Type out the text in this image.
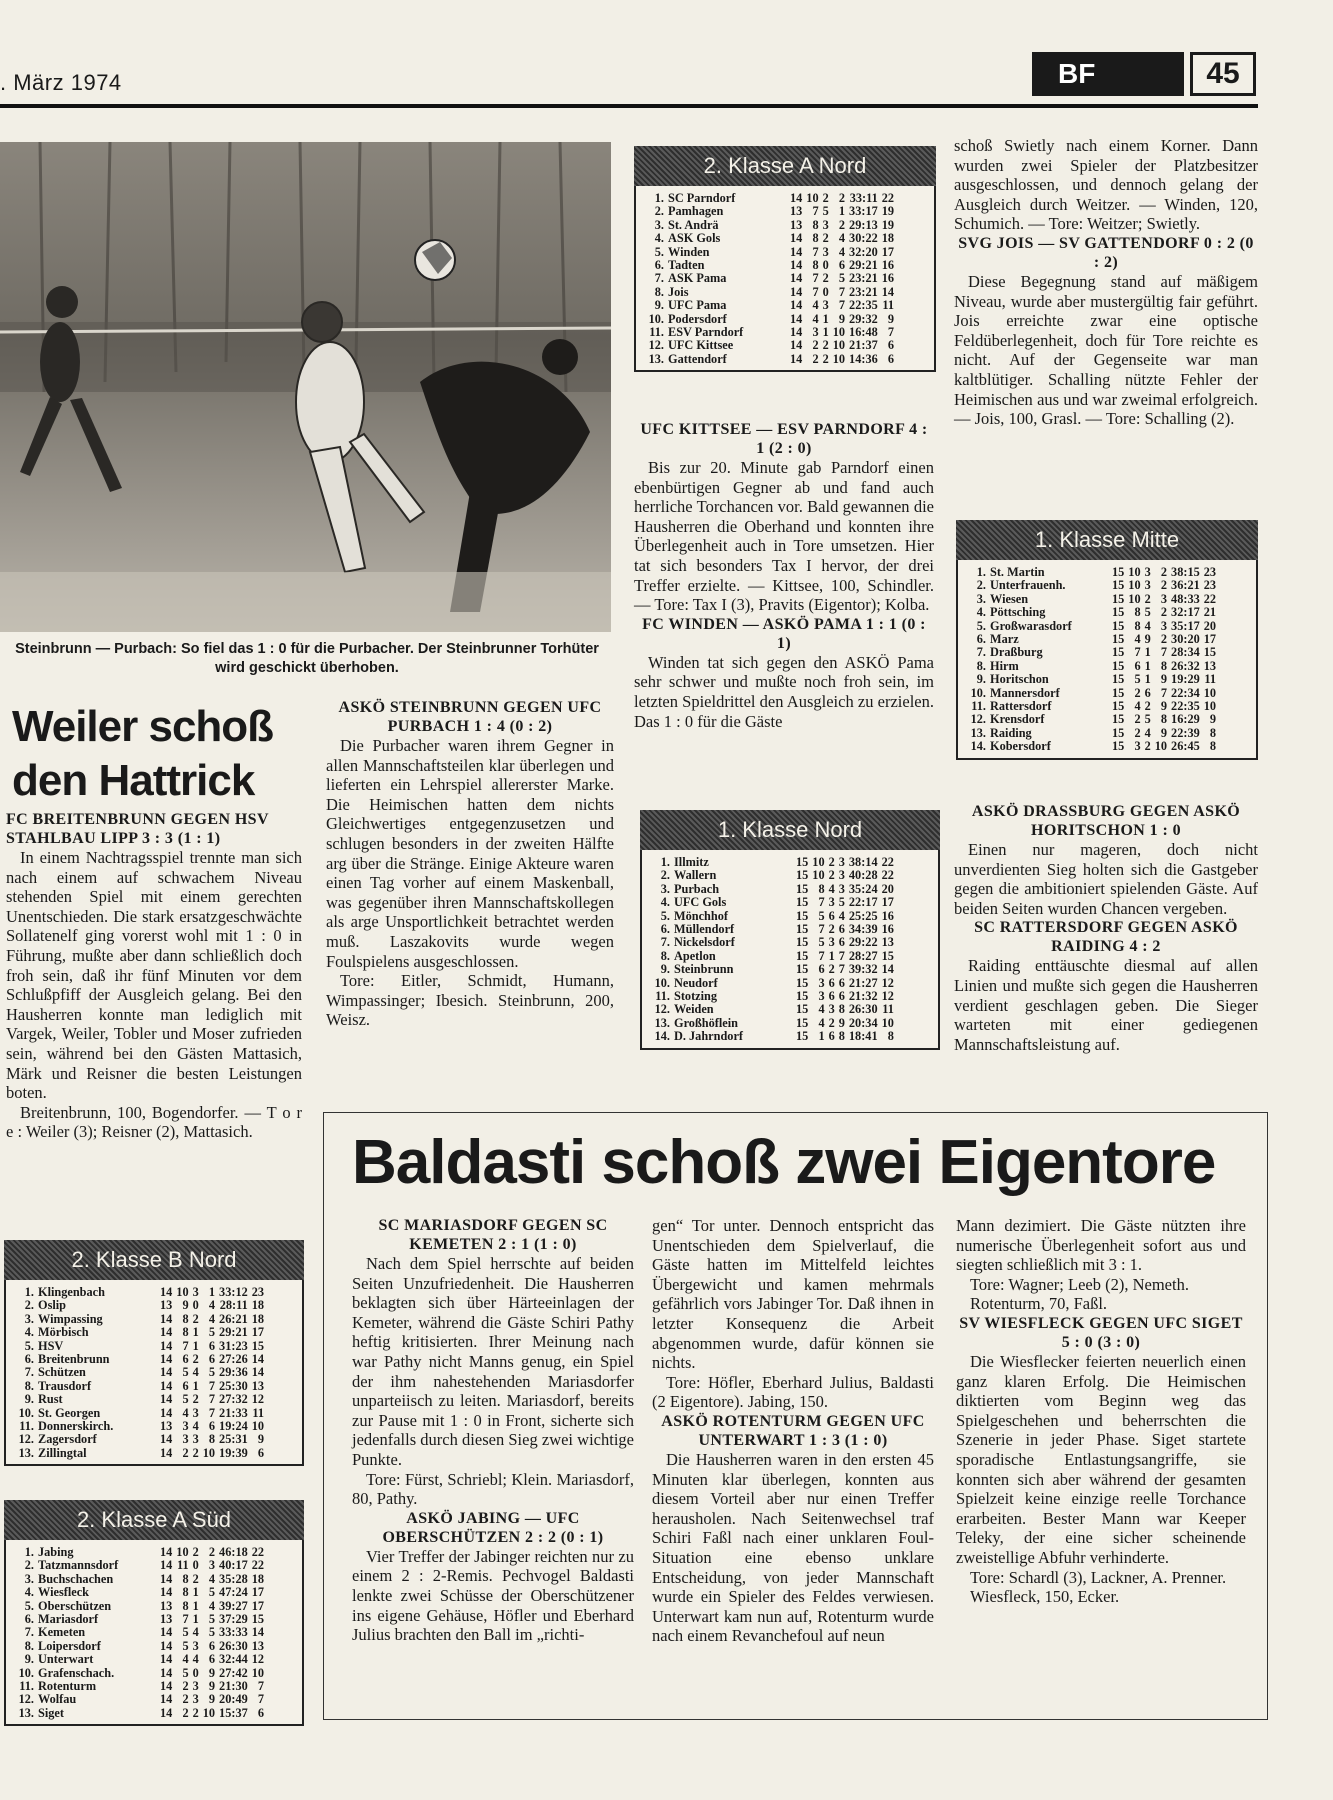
. März 1974	BF	45
Steinbrunn — Purbach: So fiel das 1 : 0 für die Purbacher. Der Steinbrunner Torhüter wird geschickt überhoben.
Weiler schoß den Hattrick

FC BREITENBRUNN GEGEN HSV STAHLBAU LIPP 3 : 3 (1 : 1)

In einem Nachtragsspiel trennte man sich nach einem auf schwachem Niveau stehenden Spiel mit einem gerechten Unentschieden. Die stark ersatzgeschwächte Sollatenelf ging vorerst wohl mit 1 : 0 in Führung, mußte aber dann schließlich doch froh sein, daß ihr fünf Minuten vor dem Schlußpfiff der Ausgleich gelang. Bei den Hausherren konnte man lediglich mit Vargek, Weiler, Tobler und Moser zufrieden sein, während bei den Gästen Mattasich, Märk und Reisner die besten Leistungen boten.

Breitenbrunn, 100, Bogendorfer. — T o r e : Weiler (3); Reisner (2), Mattasich.

ASKÖ STEINBRUNN GEGEN UFC PURBACH 1 : 4 (0 : 2)

Die Purbacher waren ihrem Gegner in allen Mannschaftsteilen klar überlegen und lieferten ein Lehrspiel allererster Marke. Die Heimischen hatten dem nichts Gleichwertiges entgegenzusetzen und schlugen besonders in der zweiten Hälfte arg über die Stränge. Einige Akteure waren einen Tag vorher auf einem Maskenball, was gegenüber ihren Mannschaftskollegen als arge Unsportlichkeit betrachtet werden muß. Laszakovits wurde wegen Foulspielens ausgeschlossen.

Tore: Eitler, Schmidt, Humann, Wimpassinger; Ibesich. Steinbrunn, 200, Weisz.

2. Klasse A Nord
1.	SC Parndorf	14	10	2	2	33:11	22
2.	Pamhagen	13	7	5	1	33:17	19
3.	St. Andrä	13	8	3	2	29:13	19
4.	ASK Gols	14	8	2	4	30:22	18
5.	Winden	14	7	3	4	32:20	17
6.	Tadten	14	8	0	6	29:21	16
7.	ASK Pama	14	7	2	5	23:21	16
8.	Jois	14	7	0	7	23:21	14
9.	UFC Pama	14	4	3	7	22:35	11
10.	Podersdorf	14	4	1	9	29:32	9
11.	ESV Parndorf	14	3	1	10	16:48	7
12.	UFC Kittsee	14	2	2	10	21:37	6
13.	Gattendorf	14	2	2	10	14:36	6

UFC KITTSEE — ESV PARNDORF 4 : 1 (2 : 0)

Bis zur 20. Minute gab Parndorf einen ebenbürtigen Gegner ab und fand auch herrliche Torchancen vor. Bald gewannen die Hausherren die Oberhand und konnten ihre Überlegenheit auch in Tore umsetzen. Hier tat sich besonders Tax I hervor, der drei Treffer erzielte. — Kittsee, 100, Schindler. — Tore: Tax I (3), Pravits (Eigentor); Kolba.

FC WINDEN — ASKÖ PAMA 1 : 1 (0 : 1)

Winden tat sich gegen den ASKÖ Pama sehr schwer und mußte noch froh sein, im letzten Spieldrittel den Ausgleich zu erzielen. Das 1 : 0 für die Gäste

1. Klasse Nord
1.	Illmitz	15	10	2	3	38:14	22
2.	Wallern	15	10	2	3	40:28	22
3.	Purbach	15	8	4	3	35:24	20
4.	UFC Gols	15	7	3	5	22:17	17
5.	Mönchhof	15	5	6	4	25:25	16
6.	Müllendorf	15	7	2	6	34:39	16
7.	Nickelsdorf	15	5	3	6	29:22	13
8.	Apetlon	15	7	1	7	28:27	15
9.	Steinbrunn	15	6	2	7	39:32	14
10.	Neudorf	15	3	6	6	21:27	12
11.	Stotzing	15	3	6	6	21:32	12
12.	Weiden	15	4	3	8	26:30	11
13.	Großhöflein	15	4	2	9	20:34	10
14.	D. Jahrndorf	15	1	6	8	18:41	8

schoß Swietly nach einem Korner. Dann wurden zwei Spieler der Platzbesitzer ausgeschlossen, und dennoch gelang der Ausgleich durch Weitzer. — Winden, 120, Schumich. — Tore: Weitzer; Swietly.

SVG JOIS — SV GATTENDORF 0 : 2 (0 : 2)

Diese Begegnung stand auf mäßigem Niveau, wurde aber mustergültig fair geführt. Jois erreichte zwar eine optische Feldüberlegenheit, doch für Tore reichte es nicht. Auf der Gegenseite war man kaltblütiger. Schalling nützte Fehler der Heimischen aus und war zweimal erfolgreich. — Jois, 100, Grasl. — Tore: Schalling (2).

1. Klasse Mitte
1.	St. Martin	15	10	3	2	38:15	23
2.	Unterfrauenh.	15	10	3	2	36:21	23
3.	Wiesen	15	10	2	3	48:33	22
4.	Pöttsching	15	8	5	2	32:17	21
5.	Großwarasdorf	15	8	4	3	35:17	20
6.	Marz	15	4	9	2	30:20	17
7.	Draßburg	15	7	1	7	28:34	15
8.	Hirm	15	6	1	8	26:32	13
9.	Horitschon	15	5	1	9	19:29	11
10.	Mannersdorf	15	2	6	7	22:34	10
11.	Rattersdorf	15	4	2	9	22:35	10
12.	Krensdorf	15	2	5	8	16:29	9
13.	Raiding	15	2	4	9	22:39	8
14.	Kobersdorf	15	3	2	10	26:45	8

ASKÖ DRASSBURG GEGEN ASKÖ HORITSCHON 1 : 0

Einen nur mageren, doch nicht unverdienten Sieg holten sich die Gastgeber gegen die ambitioniert spielenden Gäste. Auf beiden Seiten wurden Chancen vergeben.

SC RATTERSDORF GEGEN ASKÖ RAIDING 4 : 2

Raiding enttäuschte diesmal auf allen Linien und mußte sich gegen die Hausherren verdient geschlagen geben. Die Sieger warteten mit einer gediegenen Mannschaftsleistung auf.

2. Klasse B Nord
1.	Klingenbach	14	10	3	1	33:12	23
2.	Oslip	13	9	0	4	28:11	18
3.	Wimpassing	14	8	2	4	26:21	18
4.	Mörbisch	14	8	1	5	29:21	17
5.	HSV	14	7	1	6	31:23	15
6.	Breitenbrunn	14	6	2	6	27:26	14
7.	Schützen	14	5	4	5	29:36	14
8.	Trausdorf	14	6	1	7	25:30	13
9.	Rust	14	5	2	7	27:32	12
10.	St. Georgen	14	4	3	7	21:33	11
11.	Donnerskirch.	13	3	4	6	19:24	10
12.	Zagersdorf	14	3	3	8	25:31	9
13.	Zillingtal	14	2	2	10	19:39	6
2. Klasse A Süd
1.	Jabing	14	10	2	2	46:18	22
2.	Tatzmannsdorf	14	11	0	3	40:17	22
3.	Buchschachen	14	8	2	4	35:28	18
4.	Wiesfleck	14	8	1	5	47:24	17
5.	Oberschützen	13	8	1	4	39:27	17
6.	Mariasdorf	13	7	1	5	37:29	15
7.	Kemeten	14	5	4	5	33:33	14
8.	Loipersdorf	14	5	3	6	26:30	13
9.	Unterwart	14	4	4	6	32:44	12
10.	Grafenschach.	14	5	0	9	27:42	10
11.	Rotenturm	14	2	3	9	21:30	7
12.	Wolfau	14	2	3	9	20:49	7
13.	Siget	14	2	2	10	15:37	6
Baldasti schoß zwei Eigentore

SC MARIASDORF GEGEN SC KEMETEN 2 : 1 (1 : 0)

Nach dem Spiel herrschte auf beiden Seiten Unzufriedenheit. Die Hausherren beklagten sich über Härteeinlagen der Kemeter, während die Gäste Schiri Pathy heftig kritisierten. Ihrer Meinung nach war Pathy nicht Manns genug, ein Spiel der ihm nahestehenden Mariasdorfer unparteiisch zu leiten. Mariasdorf, bereits zur Pause mit 1 : 0 in Front, sicherte sich jedenfalls durch diesen Sieg zwei wichtige Punkte.

Tore: Fürst, Schriebl; Klein. Mariasdorf, 80, Pathy.

ASKÖ JABING — UFC OBERSCHÜTZEN 2 : 2 (0 : 1)

Vier Treffer der Jabinger reichten nur zu einem 2 : 2-Remis. Pechvogel Baldasti lenkte zwei Schüsse der Oberschützener ins eigene Gehäuse, Höfler und Eberhard Julius brachten den Ball im „richti-

gen“ Tor unter. Dennoch entspricht das Unentschieden dem Spielverlauf, die Gäste hatten im Mittelfeld leichtes Übergewicht und kamen mehrmals gefährlich vors Jabinger Tor. Daß ihnen in letzter Konsequenz die Arbeit abgenommen wurde, dafür können sie nichts.

Tore: Höfler, Eberhard Julius, Baldasti (2 Eigentore). Jabing, 150.

ASKÖ ROTENTURM GEGEN UFC UNTERWART 1 : 3 (1 : 0)

Die Hausherren waren in den ersten 45 Minuten klar überlegen, konnten aus diesem Vorteil aber nur einen Treffer herausholen. Nach Seitenwechsel traf Schiri Faßl nach einer unklaren Foul-Situation eine ebenso unklare Entscheidung, von jeder Mannschaft wurde ein Spieler des Feldes verwiesen. Unterwart kam nun auf, Rotenturm wurde nach einem Revanchefoul auf neun

Mann dezimiert. Die Gäste nützten ihre numerische Überlegenheit sofort aus und siegten schließlich mit 3 : 1.

Tore: Wagner; Leeb (2), Nemeth.

Rotenturm, 70, Faßl.

SV WIESFLECK GEGEN UFC SIGET 5 : 0 (3 : 0)

Die Wiesflecker feierten neuerlich einen ganz klaren Erfolg. Die Heimischen diktierten vom Beginn weg das Spielgeschehen und beherrschten die Szenerie in jeder Phase. Siget startete sporadische Entlastungsangriffe, sie konnten sich aber während der gesamten Spielzeit keine einzige reelle Torchance erarbeiten. Bester Mann war Keeper Teleky, der eine sicher scheinende zweistellige Abfuhr verhinderte.

Tore: Schardl (3), Lackner, A. Prenner.

Wiesfleck, 150, Ecker.
